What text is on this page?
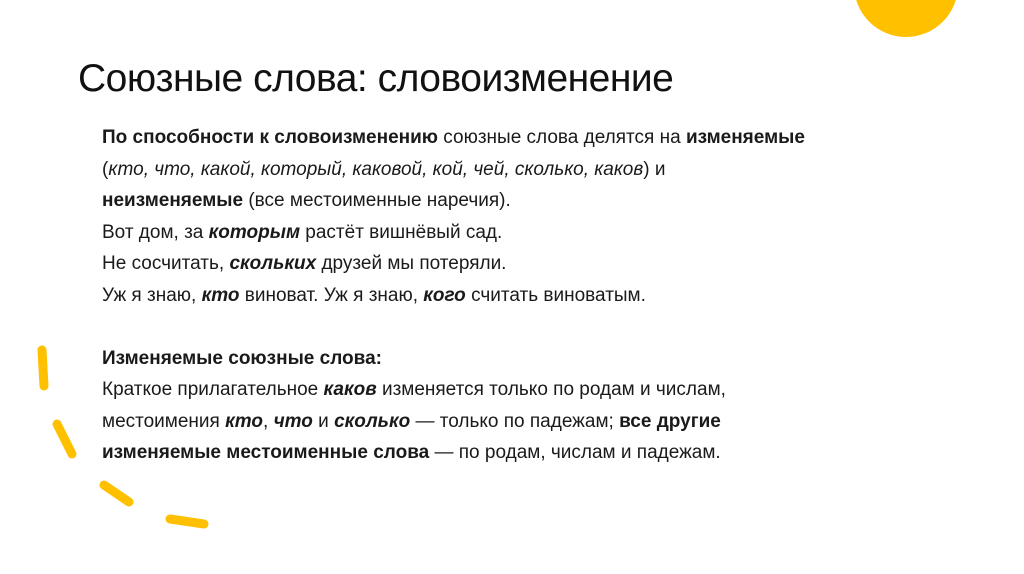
Союзные слова: словоизменение

По способности к словоизменению союзные слова делятся на изменяемые

(кто, что, какой, который, каковой, кой, чей, сколько, каков) и

неизменяемые (все местоименные наречия).

Вот дом, за которым растёт вишнёвый сад.

Не сосчитать, скольких друзей мы потеряли.

Уж я знаю, кто виноват. Уж я знаю, кого считать виноватым.

Изменяемые союзные слова:

Краткое прилагательное каков изменяется только по родам и числам,

местоимения кто, что и сколько — только по падежам; все другие

изменяемые местоименные слова — по родам, числам и падежам.
